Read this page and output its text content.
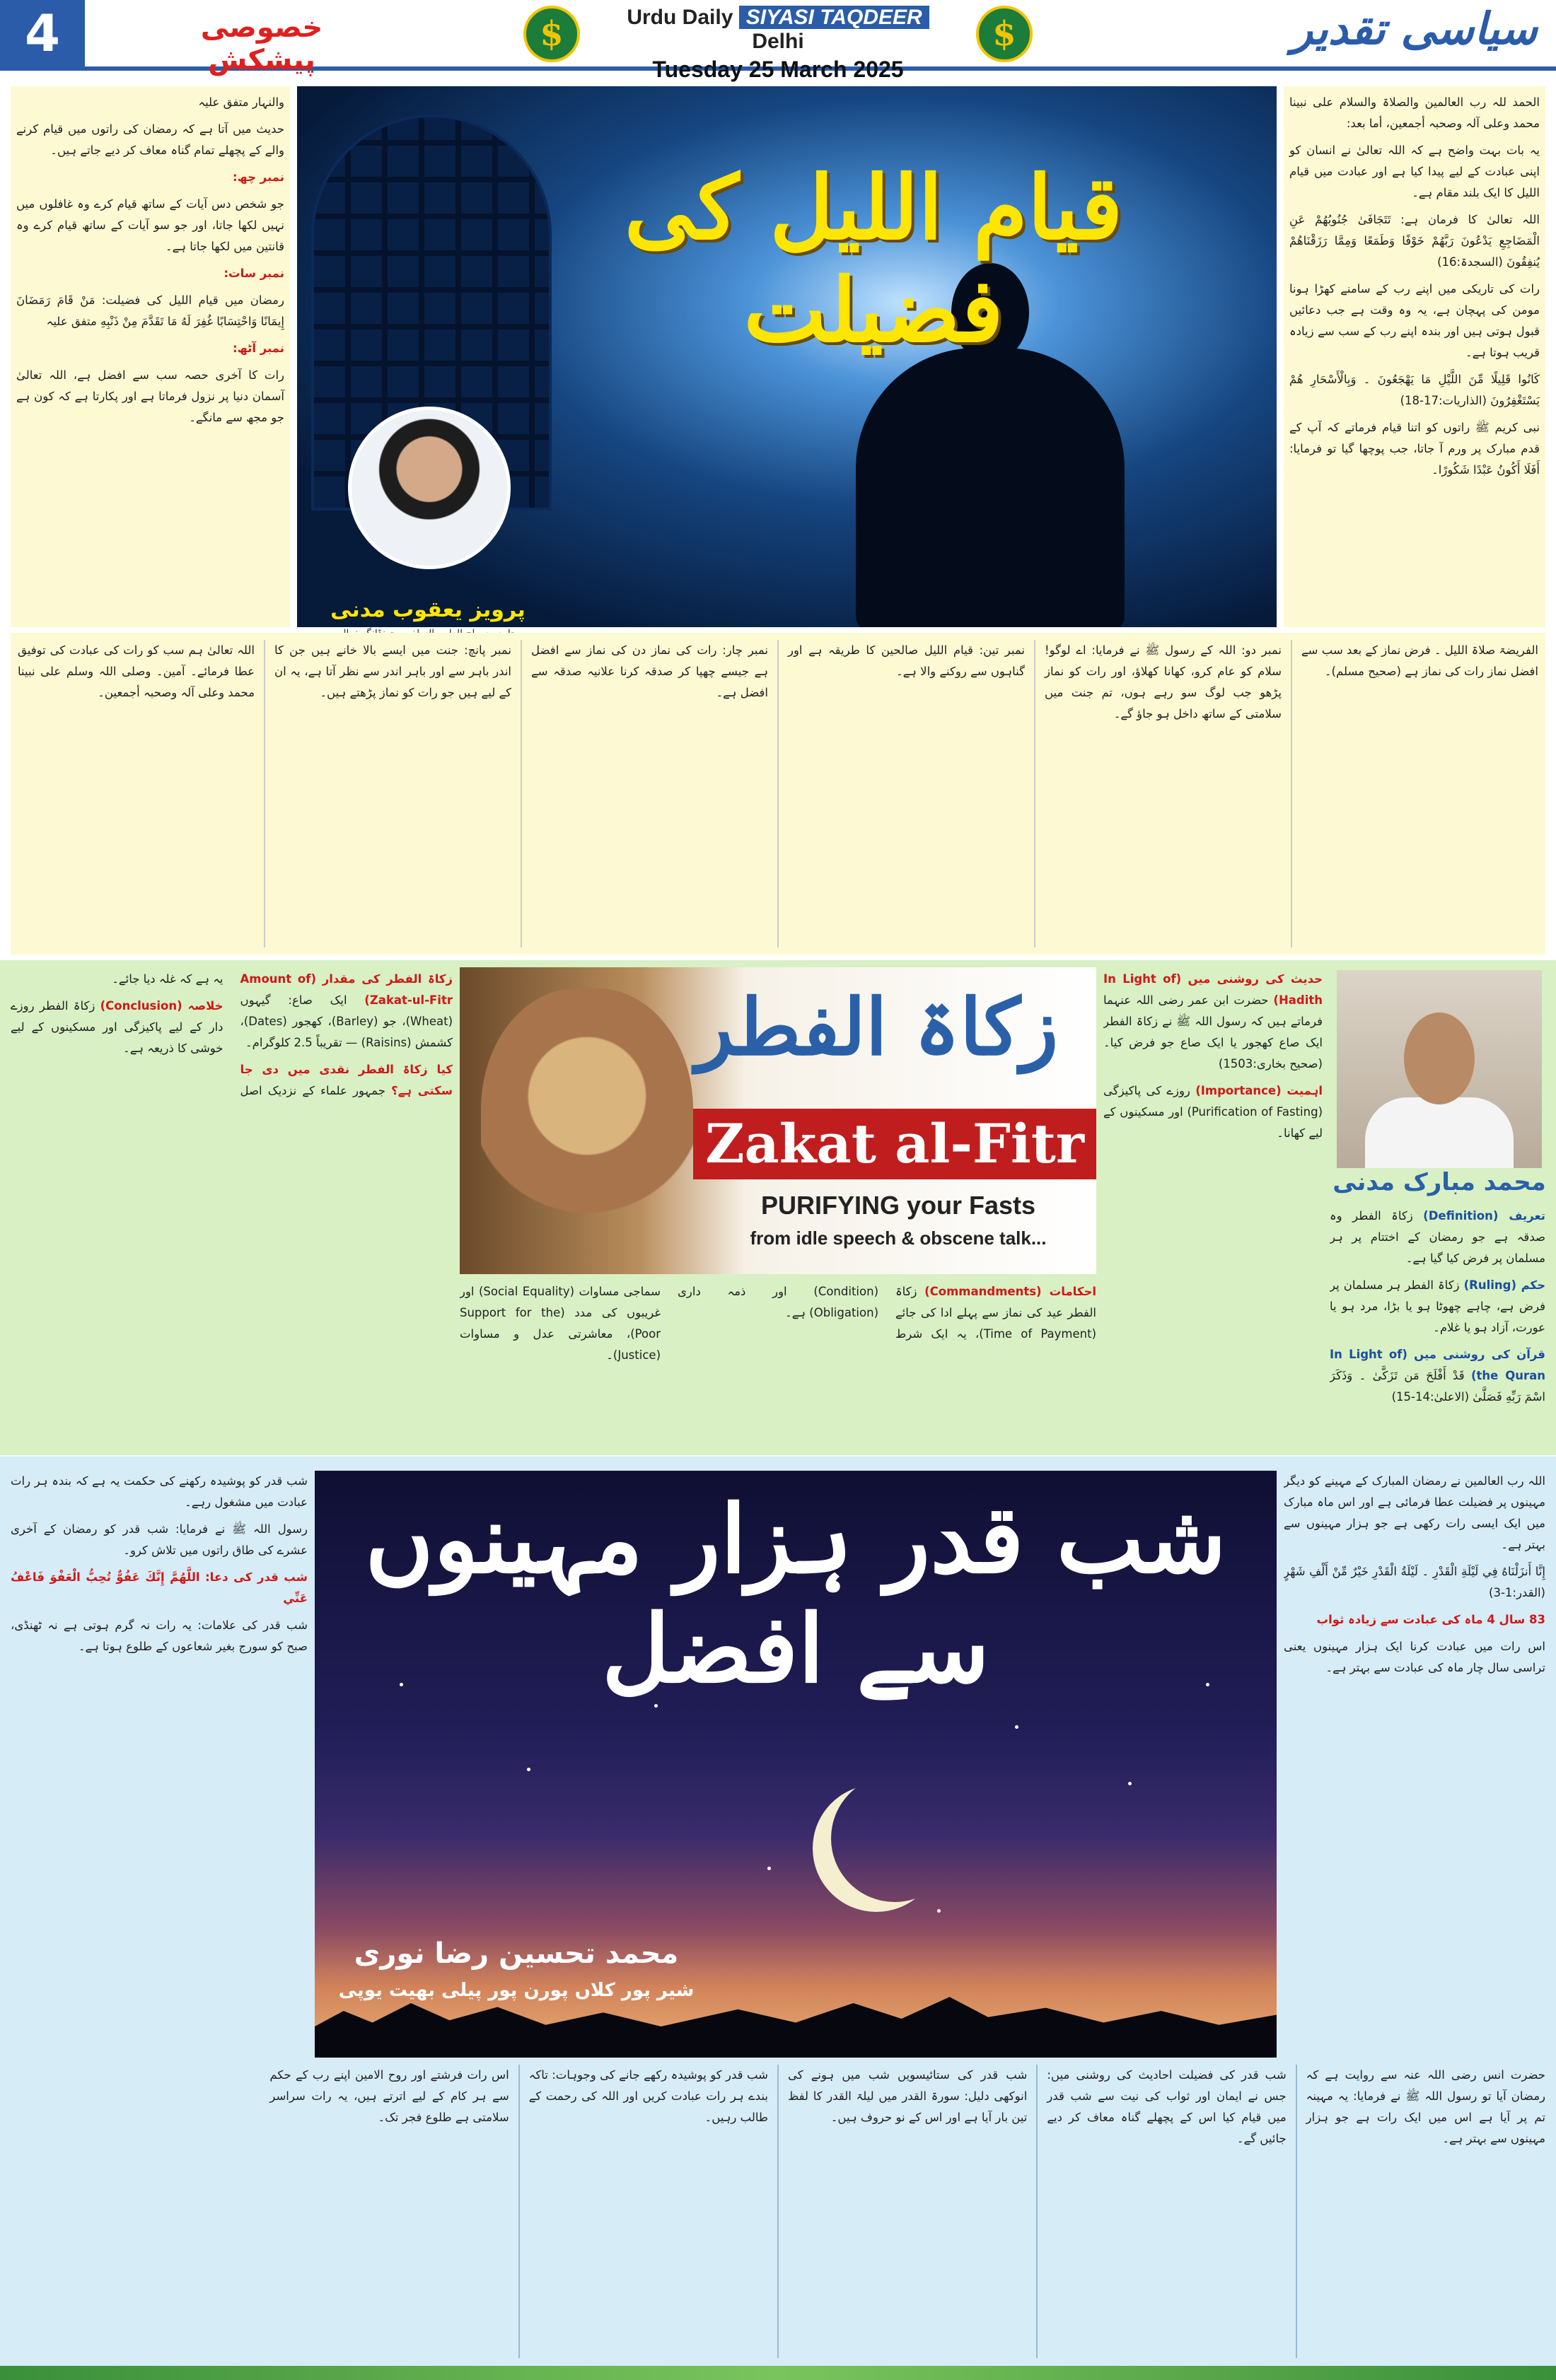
4	خصوصی پیشکش
$	Urdu Daily SIYASI TAQDEER Delhi
Tuesday 25 March 2025
$	سیاسی تقدیر

الحمد للہ رب العالمین والصلاۃ والسلام علی نبینا محمد وعلی آلہ وصحبہ أجمعین، أما بعد:

یہ بات بہت واضح ہے کہ اللہ تعالیٰ نے انسان کو اپنی عبادت کے لیے پیدا کیا ہے اور عبادت میں قیام اللیل کا ایک بلند مقام ہے۔

اللہ تعالیٰ کا فرمان ہے: تَتَجَافَىٰ جُنُوبُهُمْ عَنِ الْمَضَاجِعِ يَدْعُونَ رَبَّهُمْ خَوْفًا وَطَمَعًا وَمِمَّا رَزَقْنَاهُمْ يُنفِقُونَ (السجدۃ:16)

رات کی تاریکی میں اپنے رب کے سامنے کھڑا ہونا مومن کی پہچان ہے، یہ وہ وقت ہے جب دعائیں قبول ہوتی ہیں اور بندہ اپنے رب کے سب سے زیادہ قریب ہوتا ہے۔

كَانُوا قَلِيلًا مِّنَ اللَّيْلِ مَا يَهْجَعُونَ ۔ وَبِالْأَسْحَارِ هُمْ يَسْتَغْفِرُونَ (الذاریات:17-18)

نبی کریم ﷺ راتوں کو اتنا قیام فرماتے کہ آپ کے قدم مبارک پر ورم آ جاتا، جب پوچھا گیا تو فرمایا: أَفَلَا أَكُونُ عَبْدًا شَكُورًا۔

والنہار متفق علیہ

حدیث میں آتا ہے کہ رمضان کی راتوں میں قیام کرنے والے کے پچھلے تمام گناہ معاف کر دیے جاتے ہیں۔

نمبر چھ:

جو شخص دس آیات کے ساتھ قیام کرے وہ غافلوں میں نہیں لکھا جاتا، اور جو سو آیات کے ساتھ قیام کرے وہ قانتین میں لکھا جاتا ہے۔

نمبر سات:

رمضان میں قیام اللیل کی فضیلت: مَنْ قَامَ رَمَضَانَ إِيمَانًا وَاحْتِسَابًا غُفِرَ لَهُ مَا تَقَدَّمَ مِنْ ذَنْبِهِ متفق علیہ

نمبر آٹھ:

رات کا آخری حصہ سب سے افضل ہے، اللہ تعالیٰ آسمان دنیا پر نزول فرماتا ہے اور پکارتا ہے کہ کون ہے جو مجھ سے مانگے۔

قیام اللیل کی فضیلت
پرویز یعقوب مدنی

الفریضۃ صلاۃ اللیل ۔ فرض نماز کے بعد سب سے افضل نماز رات کی نماز ہے (صحیح مسلم)۔

نمبر دو: اللہ کے رسول ﷺ نے فرمایا: اے لوگو! سلام کو عام کرو، کھانا کھلاؤ، اور رات کو نماز پڑھو جب لوگ سو رہے ہوں، تم جنت میں سلامتی کے ساتھ داخل ہو جاؤ گے۔

نمبر تین: قیام اللیل صالحین کا طریقہ ہے اور گناہوں سے روکنے والا ہے۔

نمبر چار: رات کی نماز دن کی نماز سے افضل ہے جیسے چھپا کر صدقہ کرنا علانیہ صدقہ سے افضل ہے۔

نمبر پانچ: جنت میں ایسے بالا خانے ہیں جن کا اندر باہر سے اور باہر اندر سے نظر آتا ہے، یہ ان کے لیے ہیں جو رات کو نماز پڑھتے ہیں۔

اللہ تعالیٰ ہم سب کو رات کی عبادت کی توفیق عطا فرمائے۔ آمین۔ وصلی اللہ وسلم علی نبینا محمد وعلی آلہ وصحبہ أجمعین۔

زکاۃ الفطر
Zakat al-Fitr
PURIFYING your Fasts
from idle speech & obscene talk...
محمد مبارک مدنی

تعریف (Definition) زکاۃ الفطر وہ صدقہ ہے جو رمضان کے اختتام پر ہر مسلمان پر فرض کیا گیا ہے۔

حکم (Ruling) زکاۃ الفطر ہر مسلمان پر فرض ہے، چاہے چھوٹا ہو یا بڑا، مرد ہو یا عورت، آزاد ہو یا غلام۔

قرآن کی روشنی میں (In Light of the Quran) قَدْ أَفْلَحَ مَن تَزَكَّىٰ ۔ وَذَكَرَ اسْمَ رَبِّهِ فَصَلَّىٰ (الاعلیٰ:14-15)

حدیث کی روشنی میں (In Light of Hadith) حضرت ابن عمر رضی اللہ عنہما فرماتے ہیں کہ رسول اللہ ﷺ نے زکاۃ الفطر ایک صاع کھجور یا ایک صاع جو فرض کیا۔ (صحیح بخاری:1503)

اہمیت (Importance) روزے کی پاکیزگی (Purification of Fasting) اور مسکینوں کے لیے کھانا۔

احکامات (Commandments) زکاۃ الفطر عید کی نماز سے پہلے ادا کی جائے (Time of Payment)، یہ ایک شرط (Condition) اور ذمہ داری (Obligation) ہے۔

سماجی مساوات (Social Equality) اور غریبوں کی مدد (Support for the Poor)، معاشرتی عدل و مساوات (Justice)۔

زکاۃ الفطر کی مقدار (Amount of Zakat-ul-Fitr) ایک صاع: گیہوں (Wheat)، جو (Barley)، کھجور (Dates)، کشمش (Raisins) — تقریباً 2.5 کلوگرام۔

کیا زکاۃ الفطر نقدی میں دی جا سکتی ہے؟ جمہور علماء کے نزدیک اصل یہ ہے کہ غلہ دیا جائے۔

خلاصہ (Conclusion) زکاۃ الفطر روزے دار کے لیے پاکیزگی اور مسکینوں کے لیے خوشی کا ذریعہ ہے۔

شب قدر ہزار مہینوں سے افضل
محمد تحسین رضا نوری
شیر پور کلاں پورن پور پیلی بھیت یوپی

اللہ رب العالمین نے رمضان المبارک کے مہینے کو دیگر مہینوں پر فضیلت عطا فرمائی ہے اور اس ماہ مبارک میں ایک ایسی رات رکھی ہے جو ہزار مہینوں سے بہتر ہے۔

إِنَّا أَنزَلْنَاهُ فِي لَيْلَةِ الْقَدْرِ ۔ لَيْلَةُ الْقَدْرِ خَيْرٌ مِّنْ أَلْفِ شَهْرٍ (القدر:1-3)

83 سال 4 ماہ کی عبادت سے زیادہ ثواب

اس رات میں عبادت کرنا ایک ہزار مہینوں یعنی تراسی سال چار ماہ کی عبادت سے بہتر ہے۔

شب قدر کو پوشیدہ رکھنے کی حکمت یہ ہے کہ بندہ ہر رات عبادت میں مشغول رہے۔

رسول اللہ ﷺ نے فرمایا: شب قدر کو رمضان کے آخری عشرے کی طاق راتوں میں تلاش کرو۔

شب قدر کی دعا: اللَّهُمَّ إِنَّكَ عَفُوٌّ تُحِبُّ الْعَفْوَ فَاعْفُ عَنِّي

شب قدر کی علامات: یہ رات نہ گرم ہوتی ہے نہ ٹھنڈی، صبح کو سورج بغیر شعاعوں کے طلوع ہوتا ہے۔

حضرت انس رضی اللہ عنہ سے روایت ہے کہ رمضان آیا تو رسول اللہ ﷺ نے فرمایا: یہ مہینہ تم پر آیا ہے اس میں ایک رات ہے جو ہزار مہینوں سے بہتر ہے۔

شب قدر کی فضیلت احادیث کی روشنی میں: جس نے ایمان اور ثواب کی نیت سے شب قدر میں قیام کیا اس کے پچھلے گناہ معاف کر دیے جائیں گے۔

شب قدر کی ستائیسویں شب میں ہونے کی انوکھی دلیل: سورۃ القدر میں لیلۃ القدر کا لفظ تین بار آیا ہے اور اس کے نو حروف ہیں۔

شب قدر کو پوشیدہ رکھے جانے کی وجوہات: تاکہ بندے ہر رات عبادت کریں اور اللہ کی رحمت کے طالب رہیں۔

اس رات فرشتے اور روح الامین اپنے رب کے حکم سے ہر کام کے لیے اترتے ہیں، یہ رات سراسر سلامتی ہے طلوع فجر تک۔
